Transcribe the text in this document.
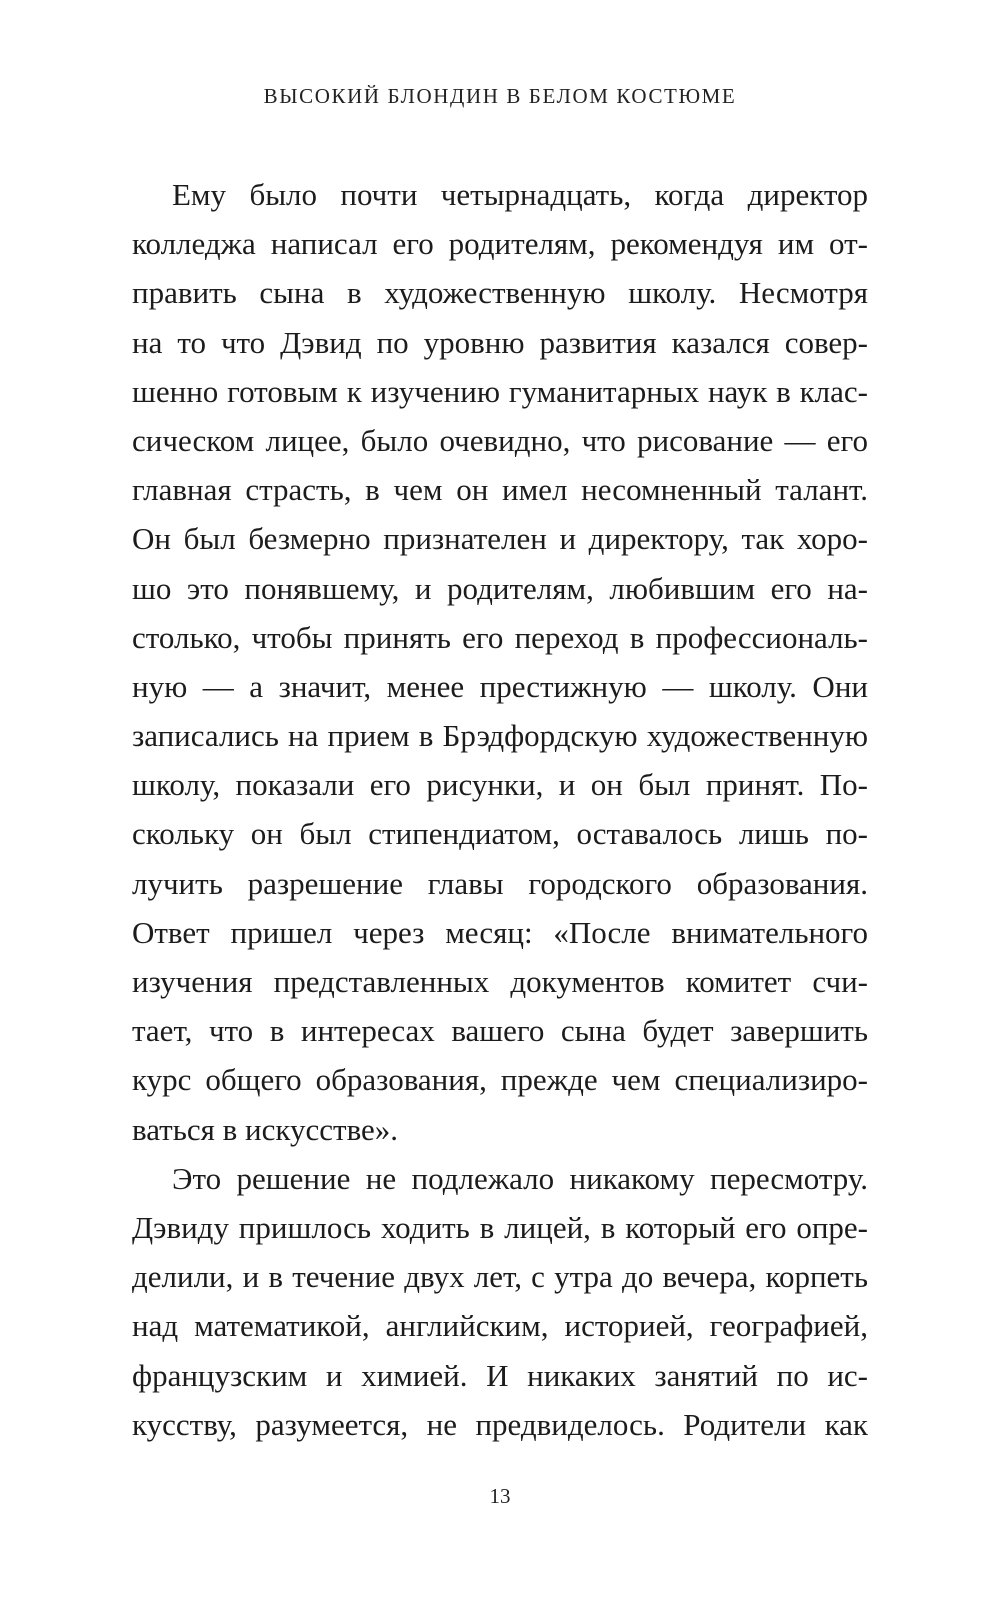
ВЫСОКИЙ БЛОНДИН В БЕЛОМ КОСТЮМЕ
Ему было почти четырнадцать, когда директор
колледжа написал его родителям, рекомендуя им от-
править сына в художественную школу. Несмотря
на то что Дэвид по уровню развития казался совер-
шенно готовым к изучению гуманитарных наук в клас-
сическом лицее, было очевидно, что рисование — его
главная страсть, в чем он имел несомненный талант.
Он был безмерно признателен и директору, так хоро-
шо это понявшему, и родителям, любившим его на-
столько, чтобы принять его переход в профессиональ-
ную — а значит, менее престижную — школу. Они
записались на прием в Брэдфордскую художественную
школу, показали его рисунки, и он был принят. По-
скольку он был стипендиатом, оставалось лишь по-
лучить разрешение главы городского образования.
Ответ пришел через месяц: «После внимательного
изучения представленных документов комитет счи-
тает, что в интересах вашего сына будет завершить
курс общего образования, прежде чем специализиро-
ваться в искусстве».
Это решение не подлежало никакому пересмотру.
Дэвиду пришлось ходить в лицей, в который его опре-
делили, и в течение двух лет, с утра до вечера, корпеть
над математикой, английским, историей, географией,
французским и химией. И никаких занятий по ис-
кусству, разумеется, не предвиделось. Родители как
13
